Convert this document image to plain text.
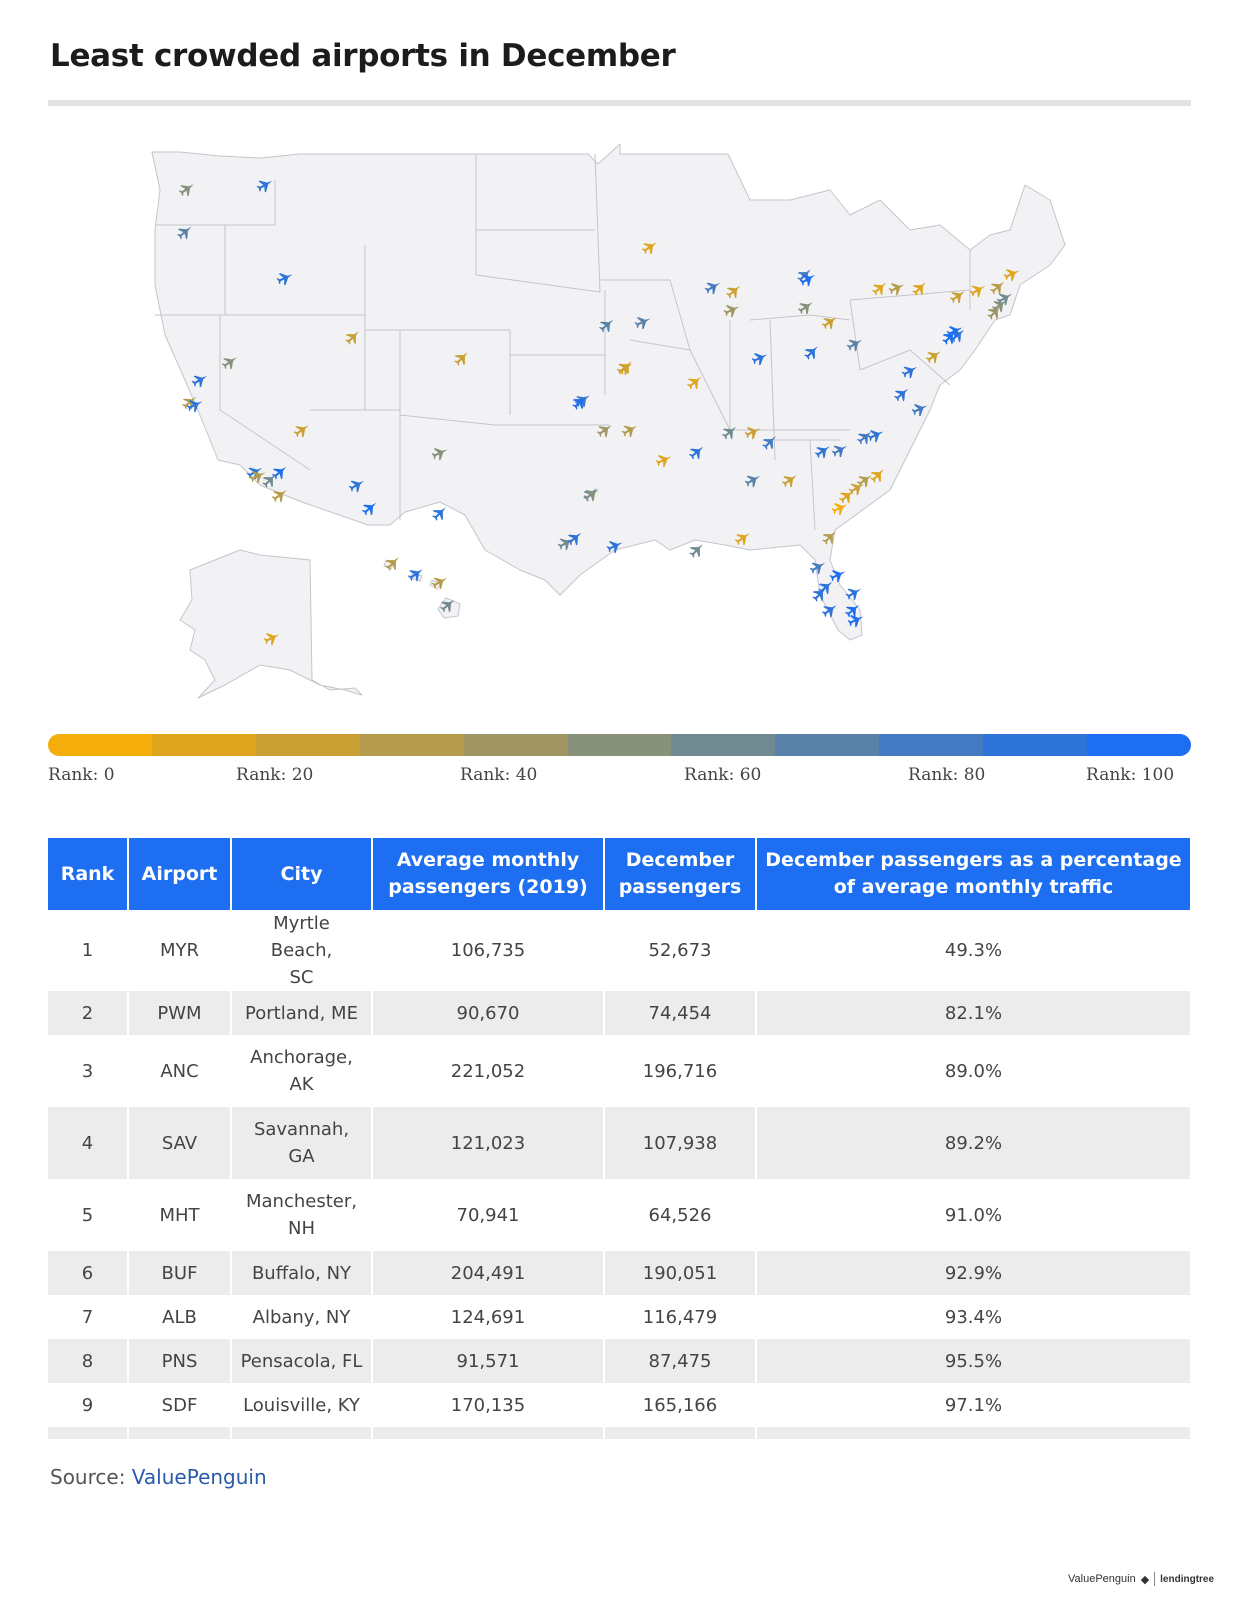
Least crowded airports in December
Rank: 0	Rank: 20	Rank: 40	Rank: 60	Rank: 80	Rank: 100
Rank	Airport	City	Average monthly
passengers (2019)	December
passengers	December passengers as a percentage
of average monthly traffic
1	MYR	Myrtle Beach,
SC	106,735	52,673	49.3%
2	PWM	Portland, ME	90,670	74,454	82.1%
3	ANC	Anchorage,
AK	221,052	196,716	89.0%
4	SAV	Savannah,
GA	121,023	107,938	89.2%
5	MHT	Manchester,
NH	70,941	64,526	91.0%
6	BUF	Buffalo, NY	204,491	190,051	92.9%
7	ALB	Albany, NY	124,691	116,479	93.4%
8	PNS	Pensacola, FL	91,571	87,475	95.5%
9	SDF	Louisville, KY	170,135	165,166	97.1%

Source: ValuePenguin
ValuePenguin ◆ lendingtree
